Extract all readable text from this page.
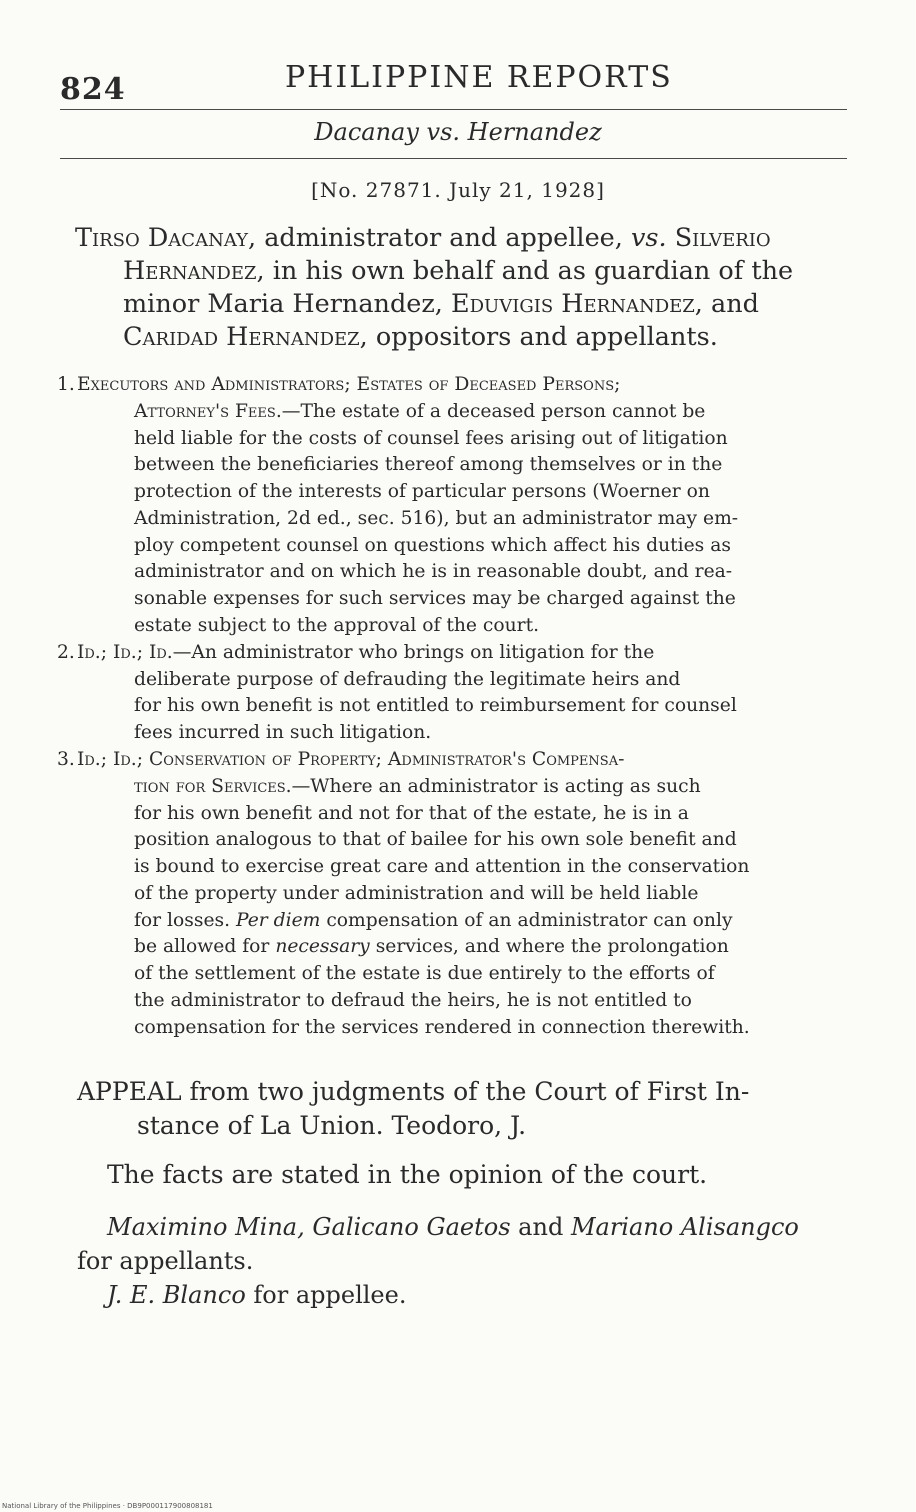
824	PHILIPPINE REPORTS
Dacanay vs. Hernandez
[No. 27871. July 21, 1928]
Tirso Dacanay, administrator and appellee, vs. Silverio
Hernandez, in his own behalf and as guardian of the
minor Maria Hernandez, Eduvigis Hernandez, and
Caridad Hernandez, oppositors and appellants.
1. Executors and Administrators; Estates of Deceased Persons;
Attorney's Fees.—The estate of a deceased person cannot be
held liable for the costs of counsel fees arising out of litigation
between the beneficiaries thereof among themselves or in the
protection of the interests of particular persons (Woerner on
Administration, 2d ed., sec. 516), but an administrator may em-
ploy competent counsel on questions which affect his duties as
administrator and on which he is in reasonable doubt, and rea-
sonable expenses for such services may be charged against the
estate subject to the approval of the court.
2. Id.; Id.; Id.—An administrator who brings on litigation for the
deliberate purpose of defrauding the legitimate heirs and
for his own benefit is not entitled to reimbursement for counsel
fees incurred in such litigation.
3. Id.; Id.; Conservation of Property; Administrator's Compensa-
tion for Services.—Where an administrator is acting as such
for his own benefit and not for that of the estate, he is in a
position analogous to that of bailee for his own sole benefit and
is bound to exercise great care and attention in the conservation
of the property under administration and will be held liable
for losses. Per diem compensation of an administrator can only
be allowed for necessary services, and where the prolongation
of the settlement of the estate is due entirely to the efforts of
the administrator to defraud the heirs, he is not entitled to
compensation for the services rendered in connection therewith.
APPEAL from two judgments of the Court of First In-
stance of La Union. Teodoro, J.
The facts are stated in the opinion of the court.
Maximino Mina, Galicano Gaetos and Mariano Alisangco
for appellants.
J. E. Blanco for appellee.
National Library of the Philippines · DB9P000117900808181
